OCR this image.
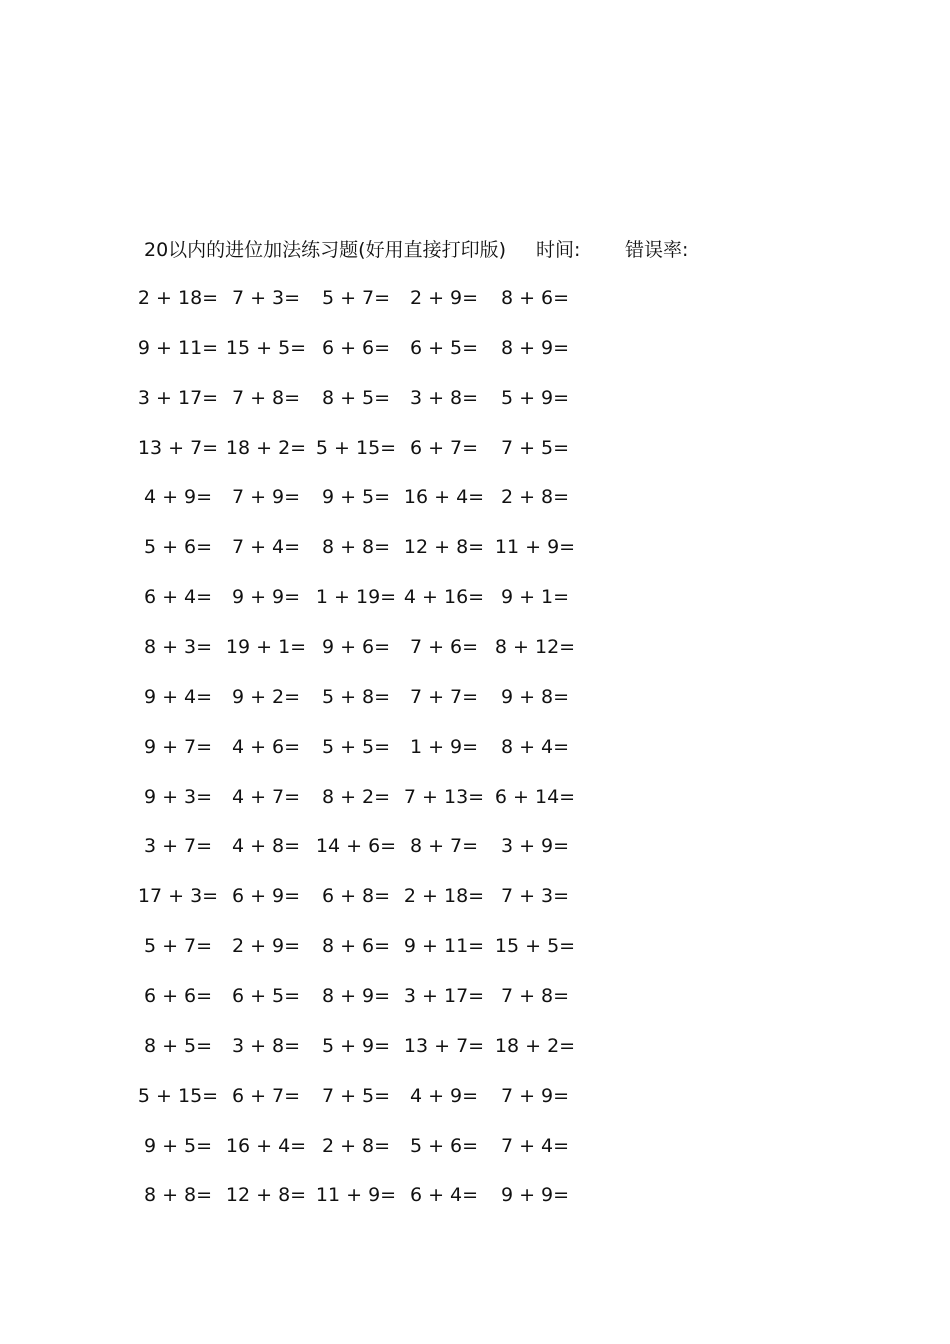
20以内的进位加法练习题(好用直接打印版) 时间: 错误率:
2 + 18= 7 + 3= 5 + 7= 2 + 9= 8 + 6=
9 + 11= 15 + 5= 6 + 6= 6 + 5= 8 + 9=
3 + 17= 7 + 8= 8 + 5= 3 + 8= 5 + 9=
13 + 7= 18 + 2= 5 + 15= 6 + 7= 7 + 5=
4 + 9= 7 + 9= 9 + 5= 16 + 4= 2 + 8=
5 + 6= 7 + 4= 8 + 8= 12 + 8= 11 + 9=
6 + 4= 9 + 9= 1 + 19= 4 + 16= 9 + 1=
8 + 3= 19 + 1= 9 + 6= 7 + 6= 8 + 12=
9 + 4= 9 + 2= 5 + 8= 7 + 7= 9 + 8=
9 + 7= 4 + 6= 5 + 5= 1 + 9= 8 + 4=
9 + 3= 4 + 7= 8 + 2= 7 + 13= 6 + 14=
3 + 7= 4 + 8= 14 + 6= 8 + 7= 3 + 9=
17 + 3= 6 + 9= 6 + 8= 2 + 18= 7 + 3=
5 + 7= 2 + 9= 8 + 6= 9 + 11= 15 + 5=
6 + 6= 6 + 5= 8 + 9= 3 + 17= 7 + 8=
8 + 5= 3 + 8= 5 + 9= 13 + 7= 18 + 2=
5 + 15= 6 + 7= 7 + 5= 4 + 9= 7 + 9=
9 + 5= 16 + 4= 2 + 8= 5 + 6= 7 + 4=
8 + 8= 12 + 8= 11 + 9= 6 + 4= 9 + 9=
